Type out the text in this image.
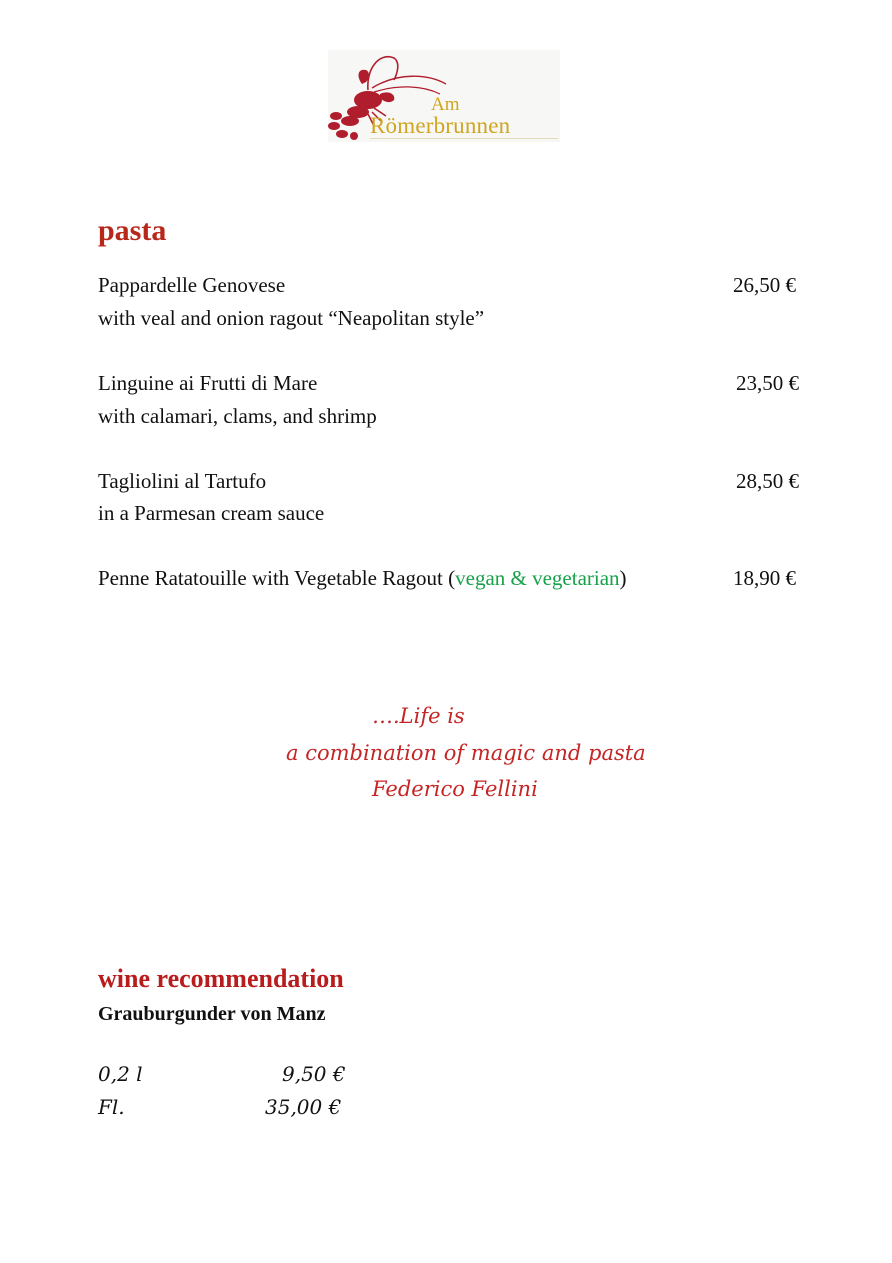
Am
Römerbrunnen
pasta
Pappardelle Genovese	26,50 €
with veal and onion ragout “Neapolitan style”
Linguine ai Frutti di Mare	23,50 €
with calamari, clams, and shrimp
Tagliolini al Tartufo	28,50 €
in a Parmesan cream sauce
Penne Ratatouille with Vegetable Ragout (vegan & vegetarian)	18,90 €
….Life is
a combination of magic and pasta
Federico Fellini
wine recommendation
Grauburgunder von Manz
0,2 l	9,50 €
Fl.	35,00 €
